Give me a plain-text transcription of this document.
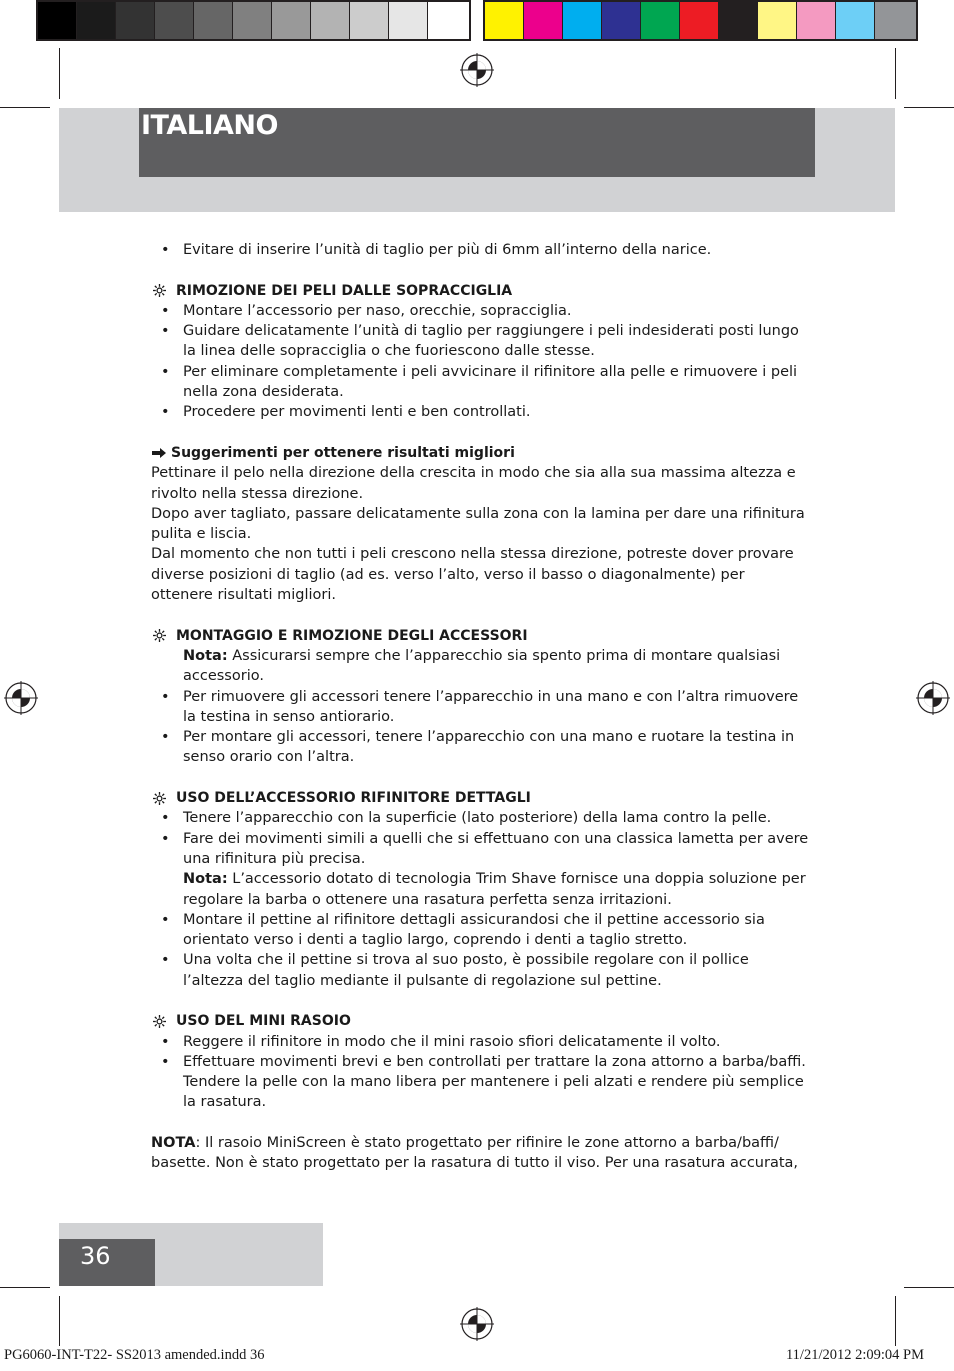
ITALIANO

• Evitare di inserire l’unità di taglio per più di 6mm all’interno della narice.

RIMOZIONE DEI PELI DALLE SOPRACCIGLIA

• Montare l’accessorio per naso, orecchie, sopracciglia.

• Guidare delicatamente l’unità di taglio per raggiungere i peli indesiderati posti lungo la linea delle sopracciglia o che fuoriescono dalle stesse.

• Per eliminare completamente i peli avvicinare il rifinitore alla pelle e rimuovere i peli nella zona desiderata.

• Procedere per movimenti lenti e ben controllati.

Suggerimenti per ottenere risultati migliori

Pettinare il pelo nella direzione della crescita in modo che sia alla sua massima altezza e rivolto nella stessa direzione.

Dopo aver tagliato, passare delicatamente sulla zona con la lamina per dare una rifinitura pulita e liscia.

Dal momento che non tutti i peli crescono nella stessa direzione, potreste dover provare diverse posizioni di taglio (ad es. verso l’alto, verso il basso o diagonalmente) per ottenere risultati migliori.

MONTAGGIO E RIMOZIONE DEGLI ACCESSORI

Nota: Assicurarsi sempre che l’apparecchio sia spento prima di montare qualsiasi accessorio.

• Per rimuovere gli accessori tenere l’apparecchio in una mano e con l’altra rimuovere la testina in senso antiorario.

• Per montare gli accessori, tenere l’apparecchio con una mano e ruotare la testina in senso orario con l’altra.

USO DELL’ACCESSORIO RIFINITORE DETTAGLI

• Tenere l’apparecchio con la superficie (lato posteriore) della lama contro la pelle.

• Fare dei movimenti simili a quelli che si effettuano con una classica lametta per avere una rifinitura più precisa.

Nota: L’accessorio dotato di tecnologia Trim Shave fornisce una doppia soluzione per regolare la barba o ottenere una rasatura perfetta senza irritazioni.

• Montare il pettine al rifinitore dettagli assicurandosi che il pettine accessorio sia orientato verso i denti a taglio largo, coprendo i denti a taglio stretto.

• Una volta che il pettine si trova al suo posto, è possibile regolare con il pollice l’altezza del taglio mediante il pulsante di regolazione sul pettine.

USO DEL MINI RASOIO

• Reggere il rifinitore in modo che il mini rasoio sfiori delicatamente il volto.

• Effettuare movimenti brevi e ben controllati per trattare la zona attorno a barba/baffi. Tendere la pelle con la mano libera per mantenere i peli alzati e rendere più semplice la rasatura.

NOTA: Il rasoio MiniScreen è stato progettato per rifinire le zone attorno a barba/baffi/ basette. Non è stato progettato per la rasatura di tutto il viso. Per una rasatura accurata,

36
PG6060-INT-T22- SS2013 amended.indd 36	11/21/2012 2:09:04 PM
